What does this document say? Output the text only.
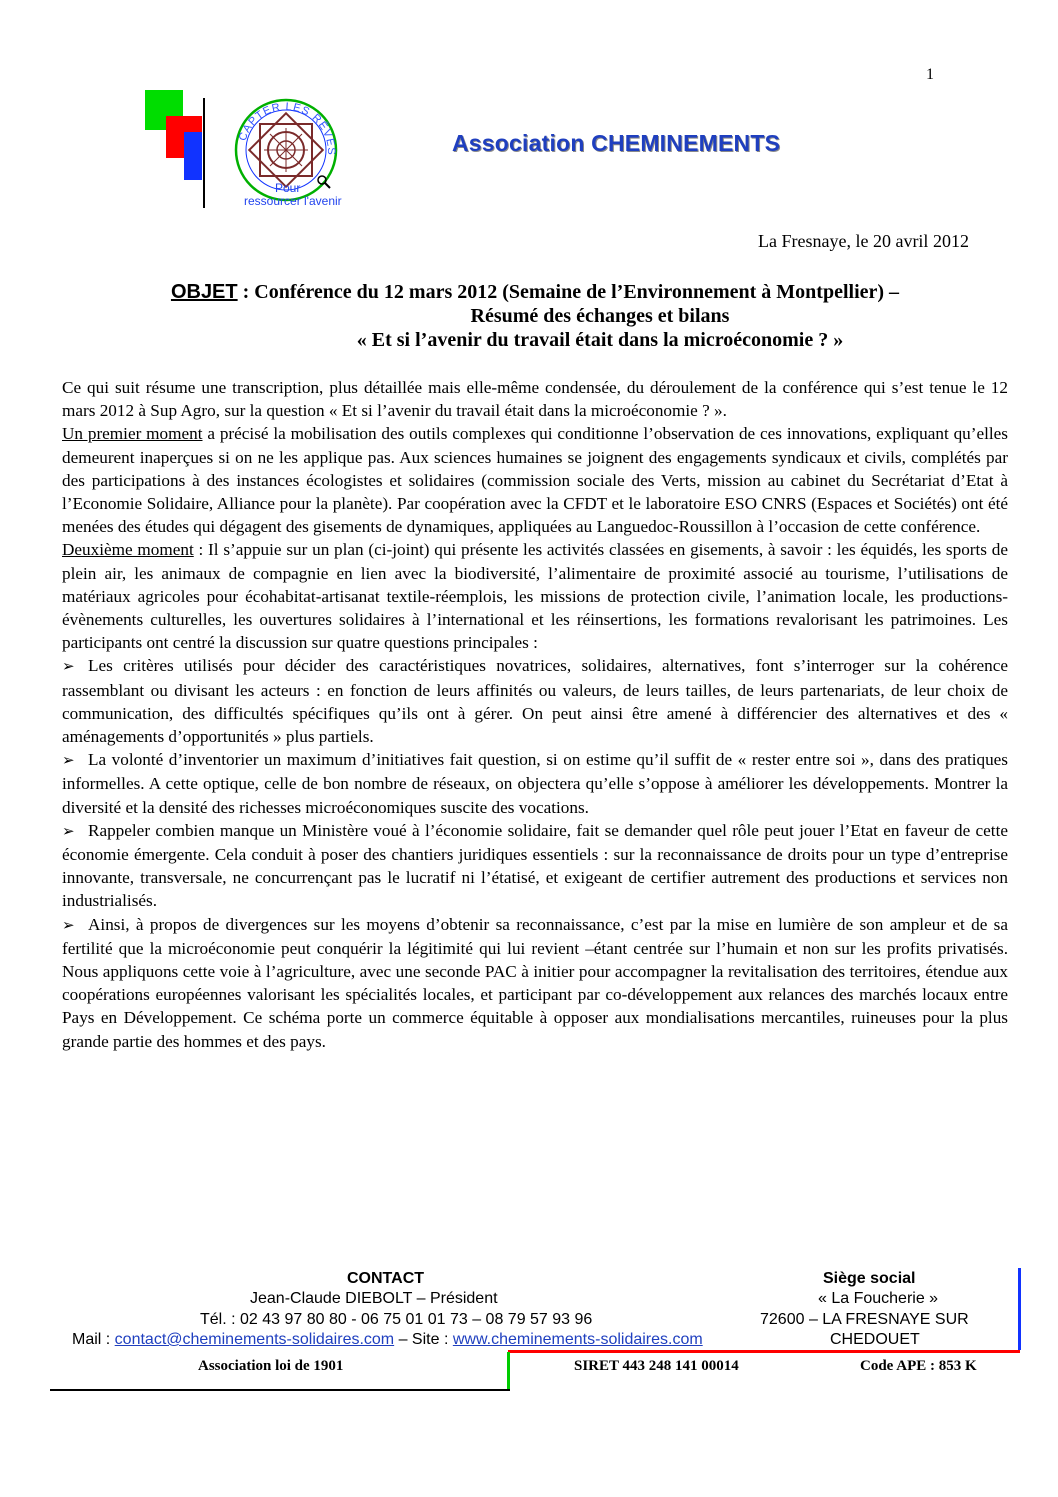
1
CAPTER LES RÊVES
Pour
ressourcer l'avenir
Association CHEMINEMENTS
La Fresnaye, le 20 avril 2012
OBJET : Conférence du 12 mars 2012 (Semaine de l’Environnement à Montpellier) –
Résumé des échanges et bilans
« Et si l’avenir du travail était dans la microéconomie ? »

Ce qui suit résume une transcription, plus détaillée mais elle-même condensée, du déroulement de la conférence qui s’est tenue le 12 mars 2012 à Sup Agro, sur la question « Et si l’avenir du travail était dans la microéconomie ? ».

Un premier moment a précisé la mobilisation des outils complexes qui conditionne l’observation de ces innovations, expliquant qu’elles demeurent inaperçues si on ne les applique pas. Aux sciences humaines se joignent des engagements syndicaux et civils, complétés par des participations à des instances écologistes et solidaires (commission sociale des Verts, mission au cabinet du Secrétariat d’Etat à l’Economie Solidaire, Alliance pour la planète). Par coopération avec la CFDT et le laboratoire ESO CNRS (Espaces et Sociétés) ont été menées des études qui dégagent des gisements de dynamiques, appliquées au Languedoc-Roussillon à l’occasion de cette conférence.

Deuxième moment : Il s’appuie sur un plan (ci-joint) qui présente les activités classées en gisements, à savoir : les équidés, les sports de plein air, les animaux de compagnie en lien avec la biodiversité, l’alimentaire de proximité associé au tourisme, l’utilisations de matériaux agricoles pour écohabitat-artisanat textile-réemplois, les missions de protection civile, l’animation locale, les productions-évènements culturelles, les ouvertures solidaires à l’international et les réinsertions, les formations revalorisant les patrimoines. Les participants ont centré la discussion sur quatre questions principales :

➢ Les critères utilisés pour décider des caractéristiques novatrices, solidaires, alternatives, font s’interroger sur la cohérence rassemblant ou divisant les acteurs : en fonction de leurs affinités ou valeurs, de leurs tailles, de leurs partenariats, de leur choix de communication, des difficultés spécifiques qu’ils ont à gérer. On peut ainsi être amené à différencier des alternatives et des « aménagements d’opportunités » plus partiels.

➢ La volonté d’inventorier un maximum d’initiatives fait question, si on estime qu’il suffit de « rester entre soi », dans des pratiques informelles. A cette optique, celle de bon nombre de réseaux, on objectera qu’elle s’oppose à améliorer les développements. Montrer la diversité et la densité des richesses microéconomiques suscite des vocations.

➢ Rappeler combien manque un Ministère voué à l’économie solidaire, fait se demander quel rôle peut jouer l’Etat en faveur de cette économie émergente. Cela conduit à poser des chantiers juridiques essentiels : sur la reconnaissance de droits pour un type d’entreprise innovante, transversale, ne concurrençant pas le lucratif ni l’étatisé, et exigeant de certifier autrement des productions et services non industrialisés.

➢ Ainsi, à propos de divergences sur les moyens d’obtenir sa reconnaissance, c’est par la mise en lumière de son ampleur et de sa fertilité que la microéconomie peut conquérir la légitimité qui lui revient –étant centrée sur l’humain et non sur les profits privatisés. Nous appliquons cette voie à l’agriculture, avec une seconde PAC à initier pour accompagner la revitalisation des territoires, étendue aux coopérations européennes valorisant les spécialités locales, et participant par co-développement aux relances des marchés locaux entre Pays en Développement. Ce schéma porte un commerce équitable à opposer aux mondialisations mercantiles, ruineuses pour la plus grande partie des hommes et des pays.

CONTACT
Jean-Claude DIEBOLT – Président
Tél. : 02 43 97 80 80 - 06 75 01 01 73 – 08 79 57 93 96
Mail : contact@cheminements-solidaires.com – Site : www.cheminements-solidaires.com
Siège social
« La Foucherie »
72600 – LA FRESNAYE SUR
CHEDOUET
Association loi de 1901	SIRET 443 248 141 00014	Code APE : 853 K
